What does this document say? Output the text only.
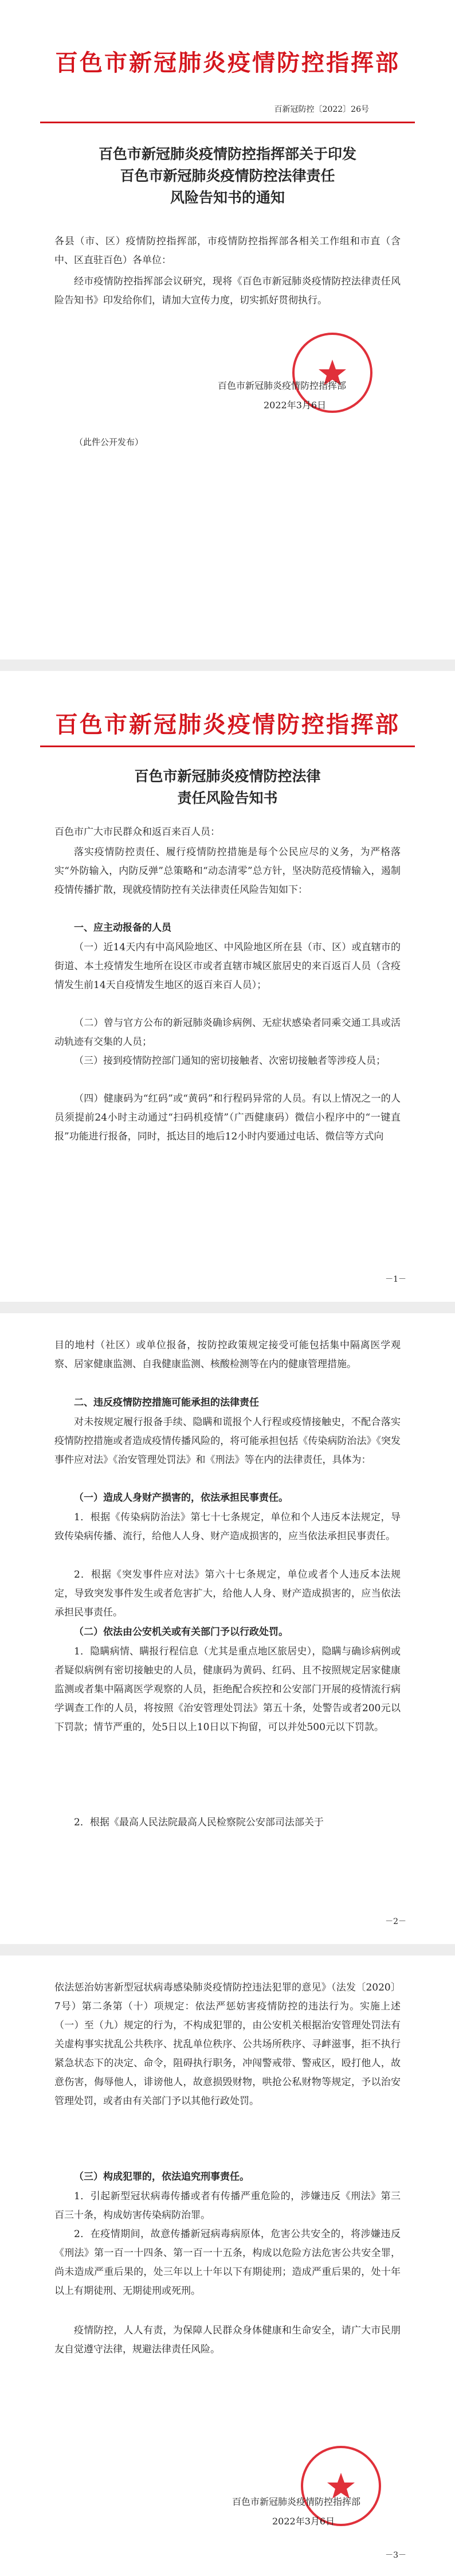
百色市新冠肺炎疫情防控指挥部
百新冠防控〔2022〕26号
百色市新冠肺炎疫情防控指挥部关于印发
百色市新冠肺炎疫情防控法律责任
风险告知书的通知

各县（市、区）疫情防控指挥部，市疫情防控指挥部各相关工作组和市直（含中、区直驻百色）各单位：

经市疫情防控指挥部会议研究，现将《百色市新冠肺炎疫情防控法律责任风险告知书》印发给你们，请加大宣传力度，切实抓好贯彻执行。

百色市新冠肺炎疫情防控指挥部
2022年3月6日
（此件公开发布）
百色市新冠肺炎疫情防控指挥部
百色市新冠肺炎疫情防控法律
责任风险告知书

百色市广大市民群众和返百来百人员：

落实疫情防控责任、履行疫情防控措施是每个公民应尽的义务，为严格落实“外防输入，内防反弹”总策略和“动态清零”总方针，坚决防范疫情输入，遏制疫情传播扩散，现就疫情防控有关法律责任风险告知如下：

一、应主动报备的人员

（一）近14天内有中高风险地区、中风险地区所在县（市、区）或直辖市的街道、本土疫情发生地所在设区市或者直辖市城区旅居史的来百返百人员（含疫情发生前14天自疫情发生地区的返百来百人员）；

（二）曾与官方公布的新冠肺炎确诊病例、无症状感染者同乘交通工具或活动轨迹有交集的人员；

（三）接到疫情防控部门通知的密切接触者、次密切接触者等涉疫人员；

（四）健康码为“红码”或“黄码”和行程码异常的人员。有以上情况之一的人员须提前24小时主动通过“扫码机疫情”（广西健康码）微信小程序中的“一键直报”功能进行报备，同时，抵达目的地后12小时内要通过电话、微信等方式向

－1－

目的地村（社区）或单位报备，按防控政策规定接受可能包括集中隔离医学观察、居家健康监测、自我健康监测、核酸检测等在内的健康管理措施。

二、违反疫情防控措施可能承担的法律责任

对未按规定履行报备手续、隐瞒和谎报个人行程或疫情接触史，不配合落实疫情防控措施或者造成疫情传播风险的，将可能承担包括《传染病防治法》《突发事件应对法》《治安管理处罚法》和《刑法》等在内的法律责任，具体为：

（一）造成人身财产损害的，依法承担民事责任。

1．根据《传染病防治法》第七十七条规定，单位和个人违反本法规定，导致传染病传播、流行，给他人人身、财产造成损害的，应当依法承担民事责任。

2．根据《突发事件应对法》第六十七条规定，单位或者个人违反本法规定，导致突发事件发生或者危害扩大，给他人人身、财产造成损害的，应当依法承担民事责任。

（二）依法由公安机关或有关部门予以行政处罚。

1．隐瞒病情、瞒报行程信息（尤其是重点地区旅居史），隐瞒与确诊病例或者疑似病例有密切接触史的人员，健康码为黄码、红码、且不按照规定居家健康监测或者集中隔离医学观察的人员，拒绝配合疾控和公安部门开展的疫情流行病学调查工作的人员，将按照《治安管理处罚法》第五十条，处警告或者200元以下罚款；情节严重的，处5日以上10日以下拘留，可以并处500元以下罚款。

2．根据《最高人民法院最高人民检察院公安部司法部关于

－2－

依法惩治妨害新型冠状病毒感染肺炎疫情防控违法犯罪的意见》（法发〔2020〕7号）第二条第（十）项规定：依法严惩妨害疫情防控的违法行为。实施上述（一）至（九）规定的行为，不构成犯罪的，由公安机关根据治安管理处罚法有关虚构事实扰乱公共秩序、扰乱单位秩序、公共场所秩序、寻衅滋事，拒不执行紧急状态下的决定、命令，阻碍执行职务，冲闯警戒带、警戒区，殴打他人，故意伤害，侮辱他人，诽谤他人，故意损毁财物，哄抢公私财物等规定，予以治安管理处罚，或者由有关部门予以其他行政处罚。

（三）构成犯罪的，依法追究刑事责任。

1．引起新型冠状病毒传播或者有传播严重危险的，涉嫌违反《刑法》第三百三十条，构成妨害传染病防治罪。

2．在疫情期间，故意传播新冠病毒病原体，危害公共安全的，将涉嫌违反《刑法》第一百一十四条、第一百一十五条，构成以危险方法危害公共安全罪，尚未造成严重后果的，处三年以上十年以下有期徒刑；造成严重后果的，处十年以上有期徒刑、无期徒刑或死刑。

疫情防控，人人有责，为保障人民群众身体健康和生命安全，请广大市民朋友自觉遵守法律，规避法律责任风险。

百色市新冠肺炎疫情防控指挥部
2022年3月6日
－3－
